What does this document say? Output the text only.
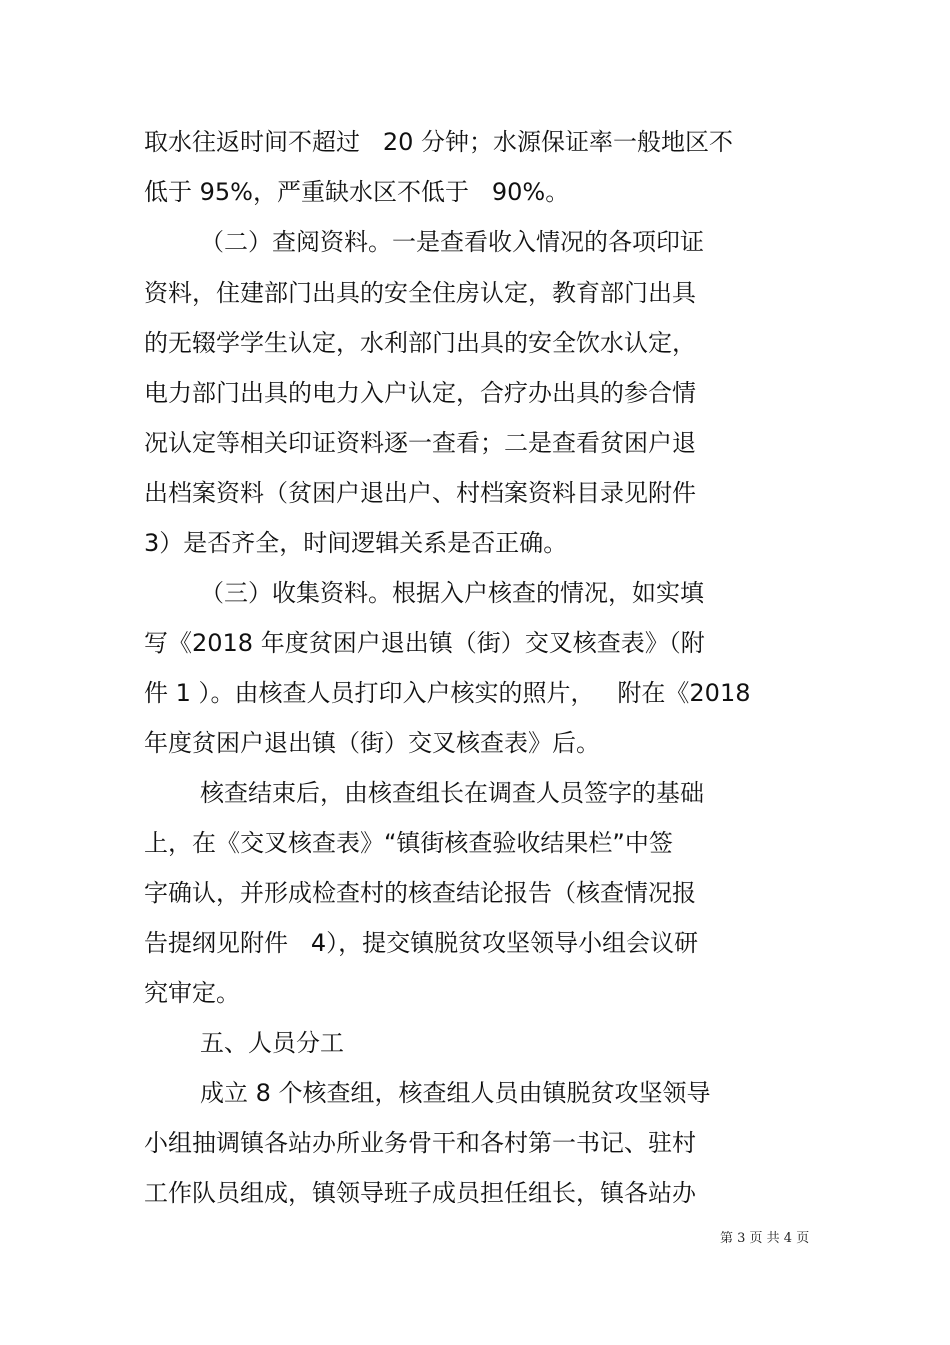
取水往返时间不超过   20 分钟；水源保证率一般地区不
低于 95%，严重缺水区不低于   90%。
（二）查阅资料。一是查看收入情况的各项印证
资料，住建部门出具的安全住房认定，教育部门出具
的无辍学学生认定，水利部门出具的安全饮水认定，
电力部门出具的电力入户认定，合疗办出具的参合情
况认定等相关印证资料逐一查看；二是查看贫困户退
出档案资料（贫困户退出户、村档案资料目录见附件
3）是否齐全，时间逻辑关系是否正确。
（三）收集资料。根据入户核查的情况，如实填
写《2018 年度贫困户退出镇（街）交叉核查表》（附
件 1 ）。由核查人员打印入户核实的照片，   附在《2018
年度贫困户退出镇（街）交叉核查表》后。
核查结束后，由核查组长在调查人员签字的基础
上，在《交叉核查表》“镇街核查验收结果栏”中签
字确认，并形成检查村的核查结论报告（核查情况报
告提纲见附件   4），提交镇脱贫攻坚领导小组会议研
究审定。
五、人员分工
成立 8 个核查组，核查组人员由镇脱贫攻坚领导
小组抽调镇各站办所业务骨干和各村第一书记、驻村
工作队员组成，镇领导班子成员担任组长，镇各站办
第 3 页 共 4 页
